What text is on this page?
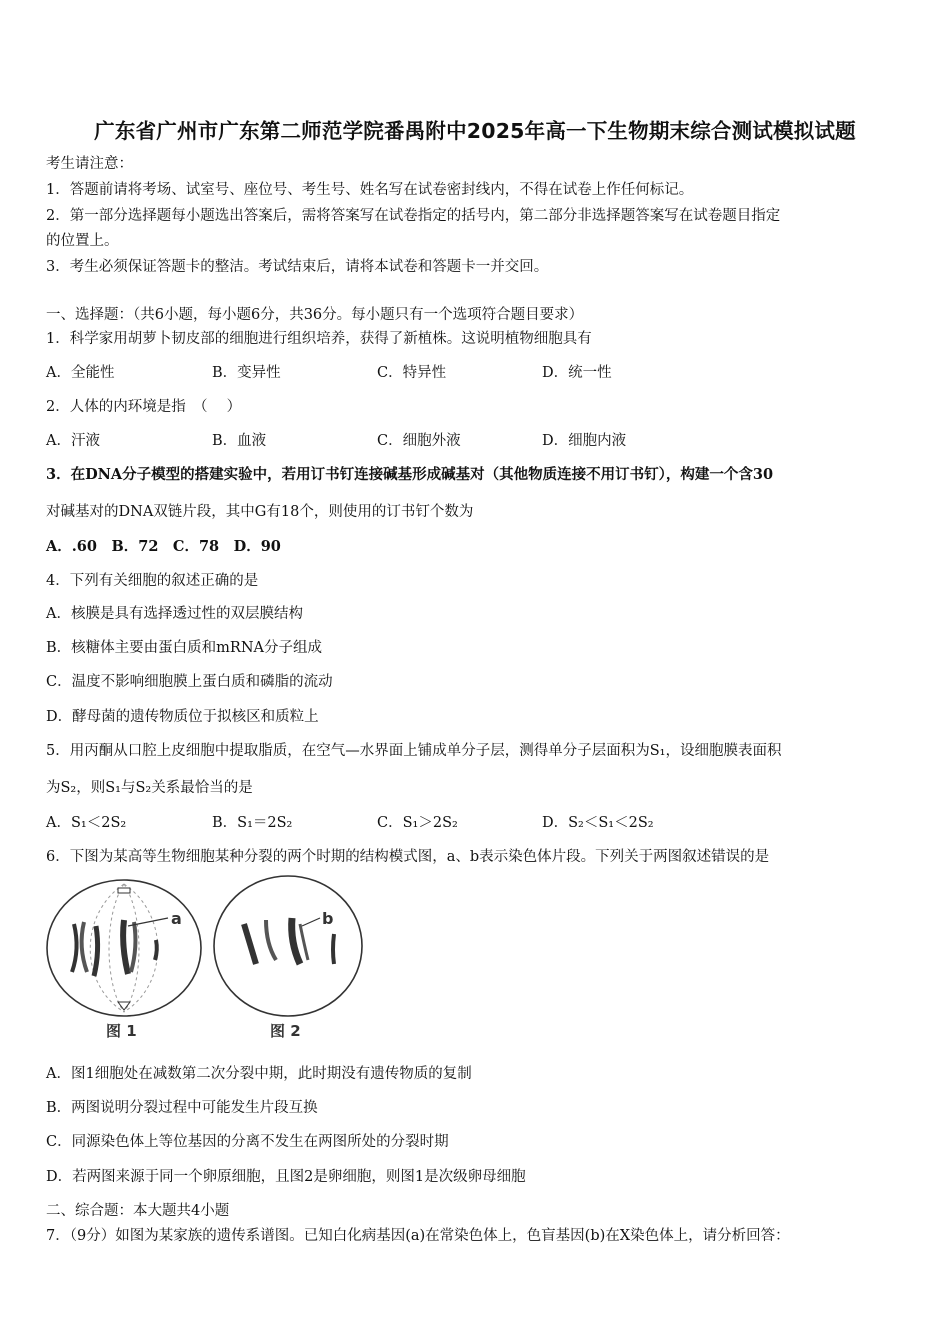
广东省广州市广东第二师范学院番禺附中2025年高一下生物期末综合测试模拟试题
考生请注意：
1．答题前请将考场、试室号、座位号、考生号、姓名写在试卷密封线内，不得在试卷上作任何标记。
2．第一部分选择题每小题选出答案后，需将答案写在试卷指定的括号内，第二部分非选择题答案写在试卷题目指定
的位置上。
3．考生必须保证答题卡的整洁。考试结束后，请将本试卷和答题卡一并交回。
一、选择题：（共6小题，每小题6分，共36分。每小题只有一个选项符合题目要求）
1．科学家用胡萝卜韧皮部的细胞进行组织培养，获得了新植株。这说明植物细胞具有
A．全能性	B．变异性	C．特异性	D．统一性
2．人体的内环境是指　（　 ）
A．汗液	B．血液	C．细胞外液	D．细胞内液
3．在DNA分子模型的搭建实验中，若用订书钉连接碱基形成碱基对（其他物质连接不用订书钉），构建一个含30
对碱基对的DNA双链片段，其中G有18个，则使用的订书钉个数为
A．.60　B．72　C．78　D．90
4．下列有关细胞的叙述正确的是
A．核膜是具有选择透过性的双层膜结构
B．核糖体主要由蛋白质和mRNA分子组成
C．温度不影响细胞膜上蛋白质和磷脂的流动
D．酵母菌的遗传物质位于拟核区和质粒上
5．用丙酮从口腔上皮细胞中提取脂质，在空气—水界面上铺成单分子层，测得单分子层面积为S₁，设细胞膜表面积
为S₂，则S₁与S₂关系最恰当的是
A．S₁＜2S₂	B．S₁＝2S₂	C．S₁＞2S₂	D．S₂＜S₁＜2S₂
6．下图为某高等生物细胞某种分裂的两个时期的结构模式图，a、b表示染色体片段。下列关于两图叙述错误的是
a
图 1
b
图 2
A．图1细胞处在减数第二次分裂中期，此时期没有遗传物质的复制
B．两图说明分裂过程中可能发生片段互换
C．同源染色体上等位基因的分离不发生在两图所处的分裂时期
D．若两图来源于同一个卵原细胞，且图2是卵细胞，则图1是次级卵母细胞
二、综合题：本大题共4小题
7．（9分）如图为某家族的遗传系谱图。已知白化病基因(a)在常染色体上，色盲基因(b)在X染色体上，请分析回答：
